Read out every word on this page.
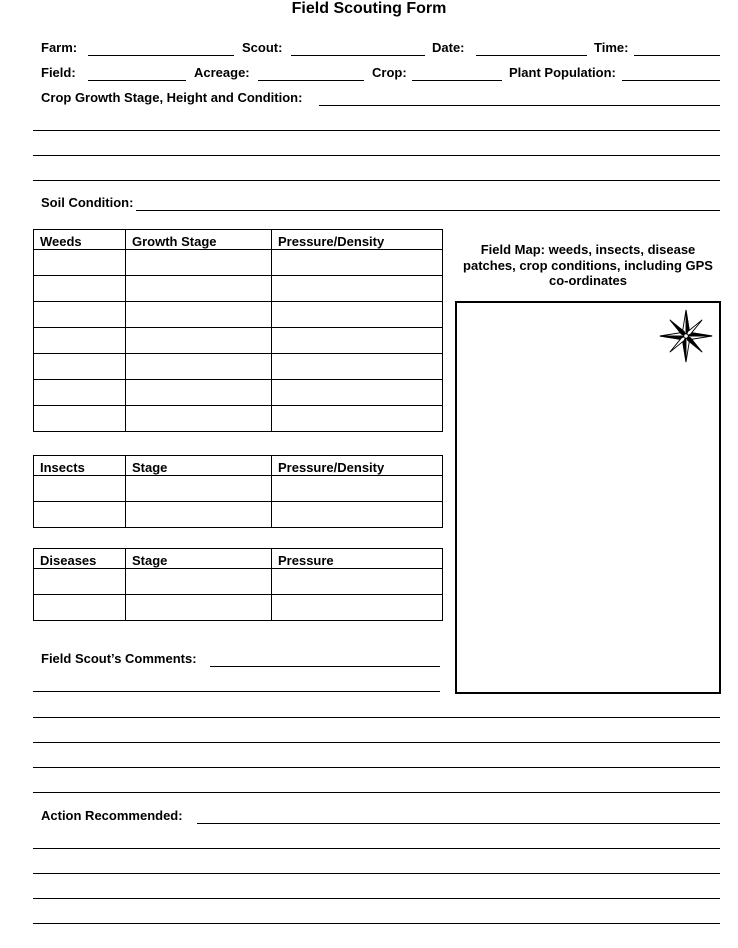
Field Scouting Form
Farm:	Scout:	Date:	Time:
Field:	Acreage:	Crop:	Plant Population:
Crop Growth Stage, Height and Condition:
Soil Condition:
Weeds	Growth Stage	Pressure/Density

Insects	Stage	Pressure/Density

Diseases	Stage	Pressure

Field Map: weeds, insects, disease patches, crop conditions, including GPS co-ordinates
Field Scout’s Comments:
Action Recommended:
